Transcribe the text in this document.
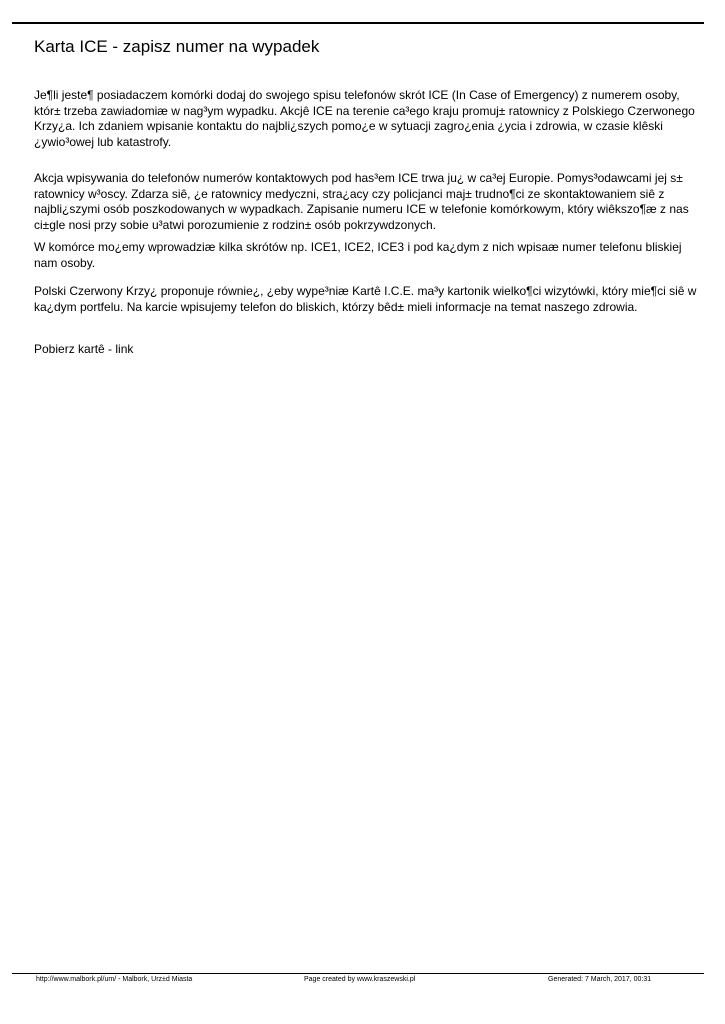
Karta ICE - zapisz numer na wypadek

Je¶li jeste¶ posiadaczem komórki dodaj do swojego spisu telefonów skrót ICE (In Case of Emergency) z numerem osoby, któr± trzeba zawiadomiæ w nag³ym wypadku. Akcjê ICE na terenie ca³ego kraju promuj± ratownicy z Polskiego Czerwonego Krzy¿a. Ich zdaniem wpisanie kontaktu do najbli¿szych pomo¿e w sytuacji zagro¿enia ¿ycia i zdrowia, w czasie klêski ¿ywio³owej lub katastrofy.

Akcja wpisywania do telefonów numerów kontaktowych pod has³em ICE trwa ju¿ w ca³ej Europie. Pomys³odawcami jej s± ratownicy w³oscy. Zdarza siê, ¿e ratownicy medyczni, stra¿acy czy policjanci maj± trudno¶ci ze skontaktowaniem siê z najbli¿szymi osób poszkodowanych w wypadkach. Zapisanie numeru ICE w telefonie komórkowym, który wiêkszo¶æ z nas ci±gle nosi przy sobie u³atwi porozumienie z rodzin± osób pokrzywdzonych.

W komórce mo¿emy wprowadziæ kilka skrótów np. ICE1, ICE2, ICE3 i pod ka¿dym z nich wpisaæ numer telefonu bliskiej nam osoby.

Polski Czerwony Krzy¿ proponuje równie¿, ¿eby wype³niæ Kartê I.C.E. ma³y kartonik wielko¶ci wizytówki, który mie¶ci siê w ka¿dym portfelu. Na karcie wpisujemy telefon do bliskich, którzy bêd± mieli informacje na temat naszego zdrowia.

Pobierz kartê - link

http://www.malbork.pl/um/ - Malbork, Urz±d Miasta	Page created by www.kraszewski.pl	Generated: 7 March, 2017, 00:31
